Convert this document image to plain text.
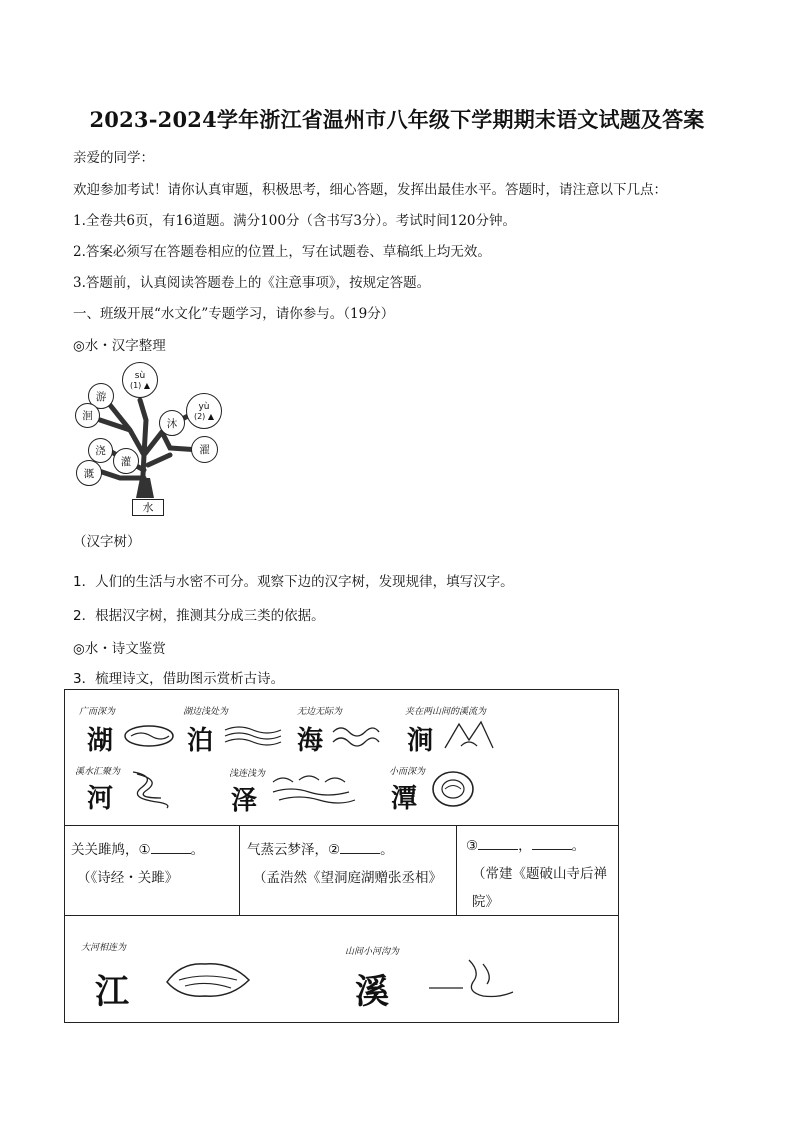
2023-2024学年浙江省温州市八年级下学期期末语文试题及答案
亲爱的同学：
欢迎参加考试！请你认真审题，积极思考，细心答题，发挥出最佳水平。答题时，请注意以下几点：
1.全卷共6页，有16道题。满分100分（含书写3分）。考试时间120分钟。
2.答案必须写在答题卷相应的位置上，写在试题卷、草稿纸上均无效。
3.答题前，认真阅读答题卷上的《注意事项》，按规定答题。
一、班级开展“水文化”专题学习，请你参与。（19分）
◎水・汉字整理
游
洄
浇
灌
溉
沐
濯
sù
(1) ▲
yù
(2) ▲
水
（汉字树）
1．人们的生活与水密不可分。观察下边的汉字树，发现规律，填写汉字。
2．根据汉字树，推测其分成三类的依据。
◎水・诗文鉴赏
3．梳理诗文，借助图示赏析古诗。
广而深为
湖
湖边浅处为
泊
无边无际为
海
夹在两山间的溪流为
涧
溪水汇聚为
河
浅连浅为
泽
小而深为
潭
关关雎鸠，①	。
（《诗经・关雎》
气蒸云梦泽，②	。
（孟浩然《望洞庭湖赠张丞相》
③	，	。
（常建《题破山寺后禅院》
大河相连为
江
山间小河沟为
溪
